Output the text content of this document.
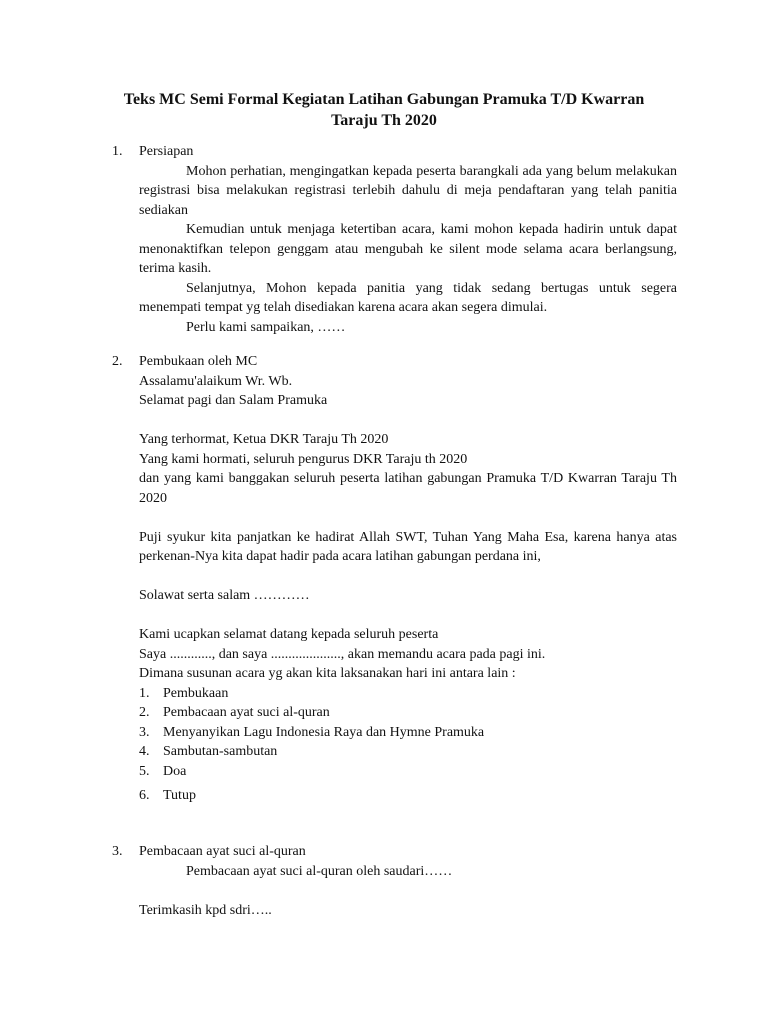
Teks MC Semi Formal Kegiatan Latihan Gabungan Pramuka T/D Kwarran Taraju Th 2020
1.	Persiapan

Mohon perhatian, mengingatkan kepada peserta barangkali ada yang belum melakukan registrasi bisa melakukan registrasi terlebih dahulu di meja pendaftaran yang telah panitia sediakan

Kemudian untuk menjaga ketertiban acara, kami mohon kepada hadirin untuk dapat menonaktifkan telepon genggam atau mengubah ke silent mode selama acara berlangsung, terima kasih.

Selanjutnya, Mohon kepada panitia yang tidak sedang bertugas untuk segera menempati tempat yg telah disediakan karena acara akan segera dimulai.

Perlu kami sampaikan, ……

2.	Pembukaan oleh MC
Assalamu'alaikum Wr. Wb.
Selamat pagi dan Salam Pramuka
Yang terhormat, Ketua DKR Taraju Th 2020
Yang kami hormati, seluruh pengurus DKR Taraju th 2020

dan yang kami banggakan seluruh peserta latihan gabungan Pramuka T/D Kwarran Taraju Th 2020

Puji syukur kita panjatkan ke hadirat Allah SWT, Tuhan Yang Maha Esa, karena hanya atas perkenan-Nya kita dapat hadir pada acara latihan gabungan perdana ini,

Solawat serta salam …………
Kami ucapkan selamat datang kepada seluruh peserta
Saya ............, dan saya ...................., akan memandu acara pada pagi ini.
Dimana susunan acara yg akan kita laksanakan hari ini antara lain :
1. Pembukaan
2. Pembacaan ayat suci al-quran
3. Menyanyikan Lagu Indonesia Raya dan Hymne Pramuka
4. Sambutan-sambutan
5. Doa
6. Tutup
3.	Pembacaan ayat suci al-quran
Pembacaan ayat suci al-quran oleh saudari……
Terimkasih kpd sdri…..
